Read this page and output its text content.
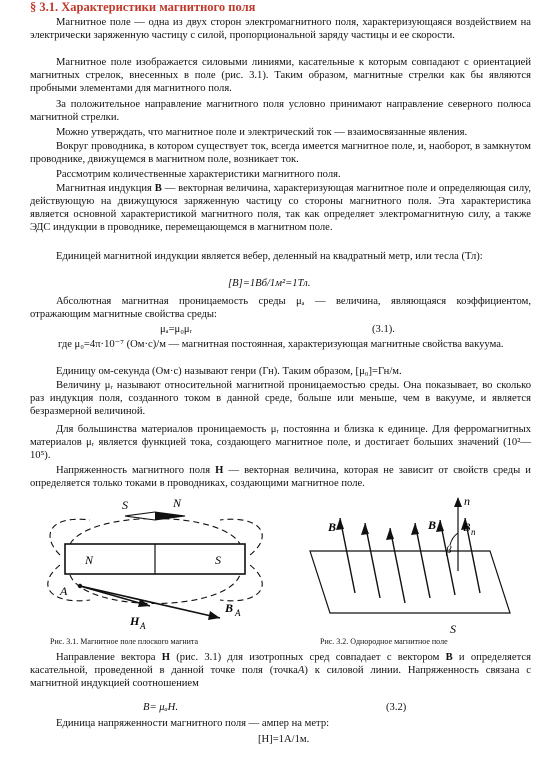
§ 3.1. Характеристики магнитного поля

Магнитное поле — одна из двух сторон электромагнитного поля, характеризующаяся воздействием на электрически заряженную частицу с силой, пропорциональной заряду частицы и ее скорости.

Магнитное поле изображается силовыми линиями, касательные к которым совпадают с ориентацией магнитных стрелок, внесенных в поле (рис. 3.1). Таким образом, магнитные стрелки как бы являются пробными элементами для магнитного поля.

За положительное направление магнитного поля условно принимают направление северного полюса магнитной стрелки.

Можно утверждать, что магнитное поле и электрический ток — взаимосвязанные явления.

Вокруг проводника, в котором существует ток, всегда имеется магнитное поле, и, наоборот, в замкнутом проводнике, движущемся в магнитном поле, возникает ток.

Рассмотрим количественные характеристики магнитного поля.

Магнитная индукция B — векторная величина, характеризующая магнитное поле и определяющая силу, действующую на движущуюся заряженную частицу со стороны магнитного поля. Эта характеристика является основной характеристикой магнитного поля, так как определяет электромагнитную силу, а также ЭДС индукции в проводнике, перемещающемся в магнитном поле.

Единицей магнитной индукции является вебер, деленный на квадратный метр, или тесла (Тл):

[B]=1Вб/1м²=1Тл.

Абсолютная магнитная проницаемость среды μₐ — величина, являющаяся коэффициентом, отражающим магнитные свойства среды:

μₐ=μ₀μᵣ	(3.1).

где μ₀=4π·10⁻⁷ (Ом·с)/м — магнитная постоянная, характеризующая магнитные свойства вакуума.

Единицу ом-секунда (Ом·с) называют генри (Гн). Таким образом, [μ₀]=Гн/м.

Величину μᵣ называют относительной магнитной проницаемостью среды. Она показывает, во сколько раз индукция поля, созданного током в данной среде, больше или меньше, чем в вакууме, и является безразмерной величиной.

Для большинства материалов проницаемость μᵣ постоянна и близка к единице. Для ферромагнитных материалов μᵣ является функцией тока, создающего магнитное поле, и достигает больших значений (10²— 10⁵).

Напряженность магнитного поля H — векторная величина, которая не зависит от свойств среды и определяется только токами в проводниках, создающими магнитное поле.

N	S
S	N
A
H A
B A
Рис. 3.1. Магнитное поле плоского магнита
n
B	B B n
β
S
Рис. 3.2. Однородное магнитное поле

Направление вектора H (рис. 3.1) для изотропных сред совпадает с вектором B и определяется касательной, проведенной в данной точке поля (точкаA) к силовой линии. Напряженность связана с магнитной индукцией соотношением

B= μₐH.	(3.2)

Единица напряженности магнитного поля — ампер на метр:

[H]=1А/1м.
